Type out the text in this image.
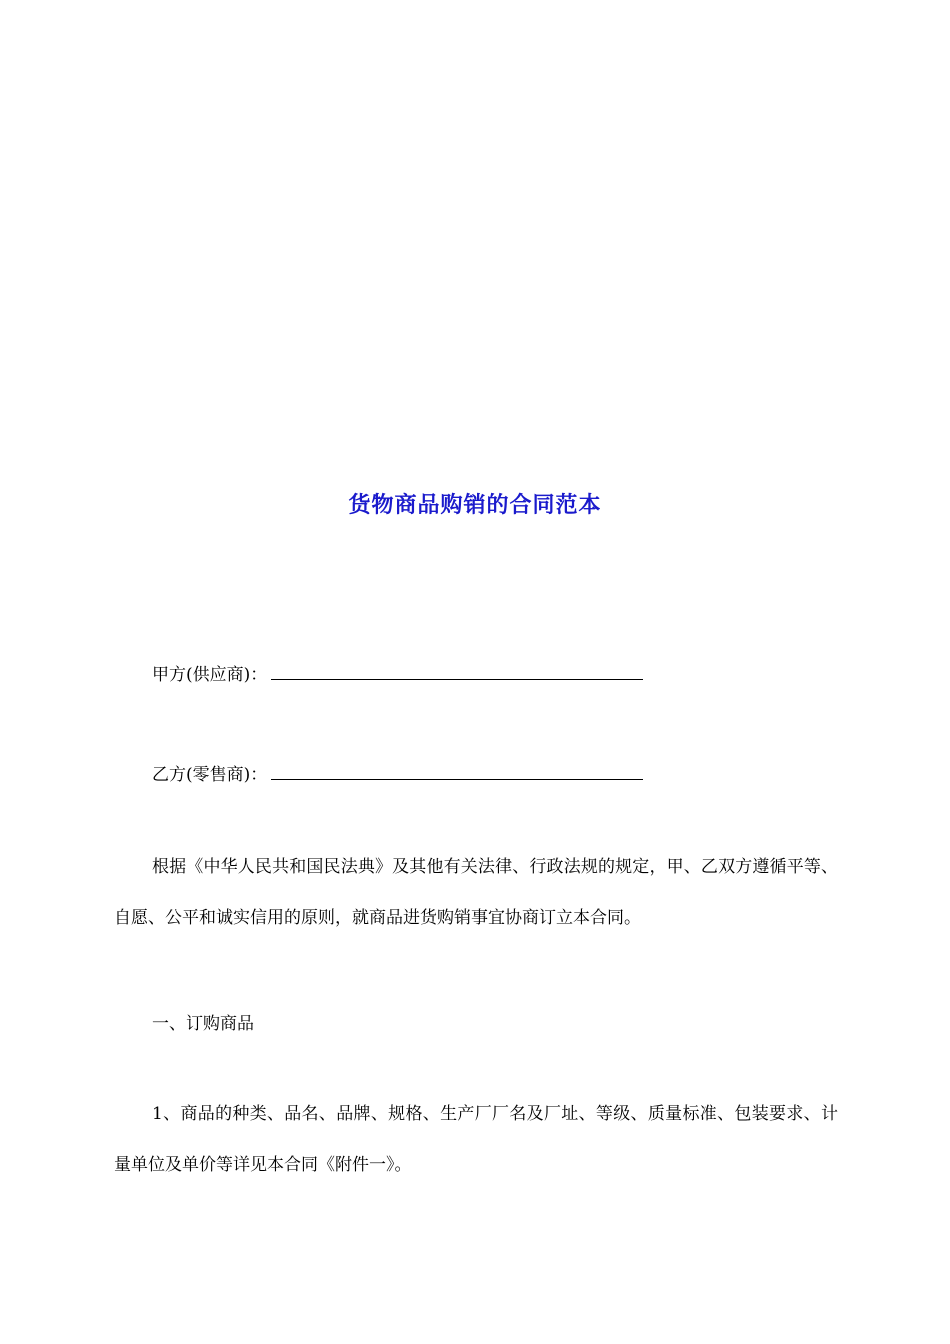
货物商品购销的合同范本
甲方(供应商)：
乙方(零售商)：
根据《中华人民共和国民法典》及其他有关法律、行政法规的规定，甲、乙双方遵循平等、自愿、公平和诚实信用的原则，就商品进货购销事宜协商订立本合同。
一、订购商品
1、商品的种类、品名、品牌、规格、生产厂厂名及厂址、等级、质量标准、包装要求、计量单位及单价等详见本合同《附件一》。
